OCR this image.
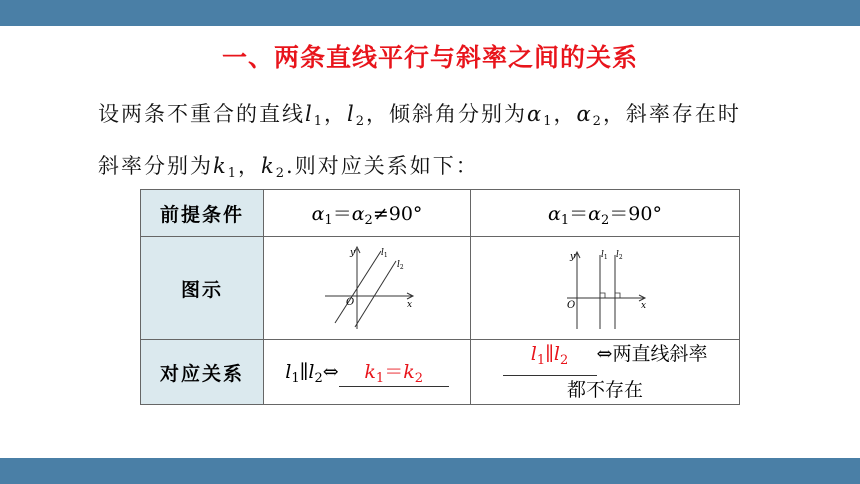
一、两条直线平行与斜率之间的关系
设两条不重合的直线$l_1$，$l_2$，倾斜角分别为$\alpha_1$，$\alpha_2$，斜率存在时
斜率分别为$k_1$，$k_2$.则对应关系如下：
前提条件	$\alpha_1=\alpha_2\ne 90^\circ$	$\alpha_1=\alpha_2=90^\circ$
图示	y
x
O
$l_1$
$l_2$	y
x
O
$l_1$ $l_2$

对应关系	$l_1\parallel l_2\Leftrightarrow$ $k_1=k_2$	$l_1\parallel l_2$ ⇔两直线斜率
都不存在
